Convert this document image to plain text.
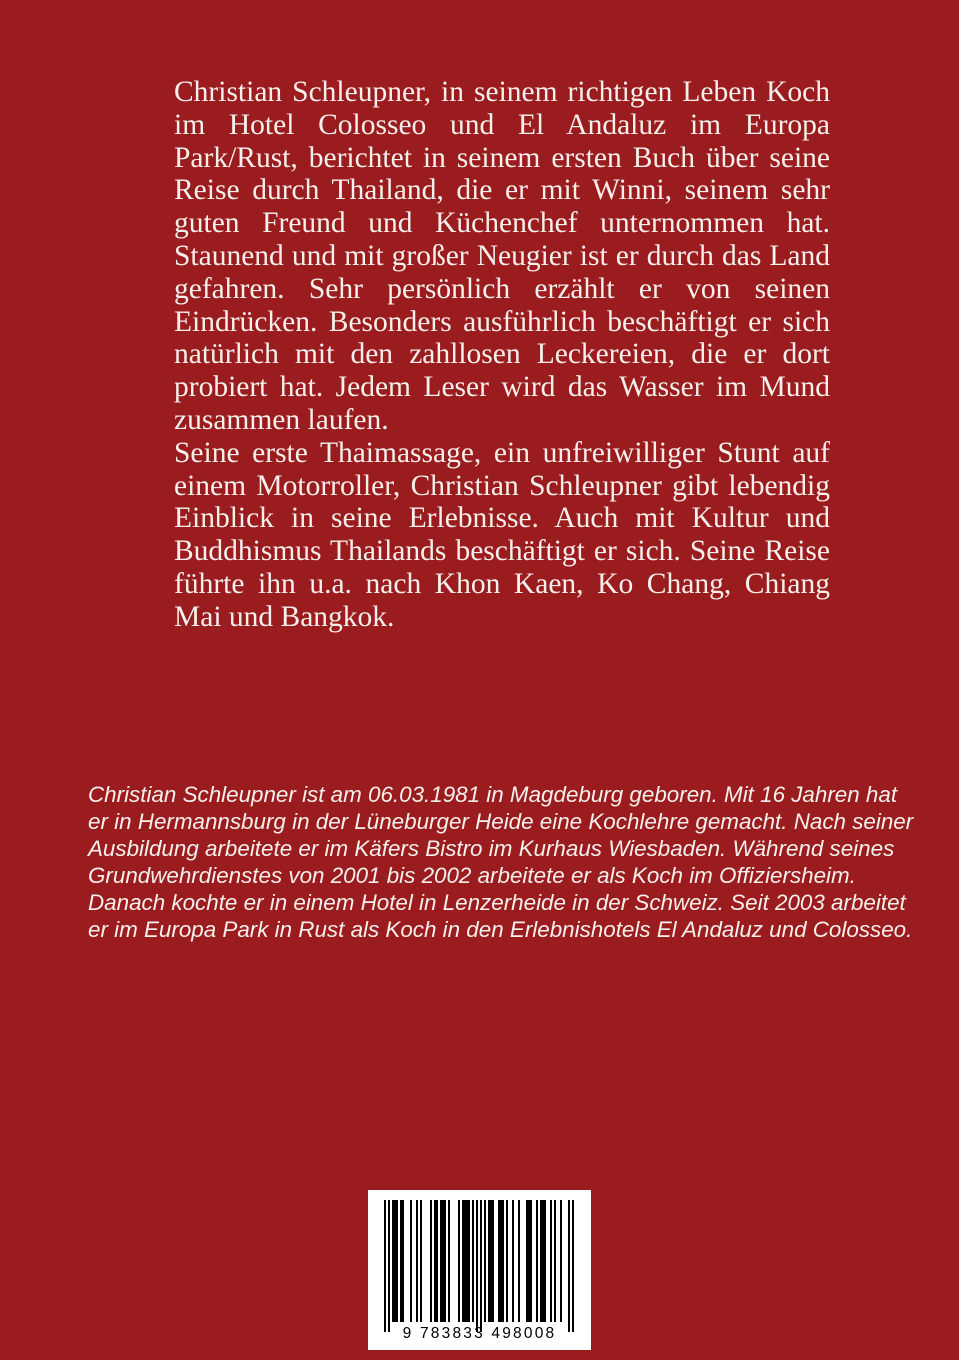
Christian Schleupner, in seinem richtigen Leben Koch im Hotel Colosseo und El Andaluz im Europa Park/Rust, berichtet in seinem ersten Buch über seine Reise durch Thailand, die er mit Winni, seinem sehr guten Freund und Küchenchef unternommen hat. Staunend und mit großer Neugier ist er durch das Land gefahren. Sehr persönlich erzählt er von seinen Eindrücken. Besonders ausführlich beschäftigt er sich natürlich mit den zahllosen Leckereien, die er dort probiert hat. Jedem Leser wird das Wasser im Mund zusammen laufen.

Seine erste Thaimassage, ein unfreiwilliger Stunt auf einem Motorroller, Christian Schleupner gibt lebendig Einblick in seine Erlebnisse. Auch mit Kultur und Buddhismus Thailands beschäftigt er sich. Seine Reise führte ihn u.a. nach Khon Kaen, Ko Chang, Chiang Mai und Bangkok.

Christian Schleupner ist am 06.03.1981 in Magdeburg geboren. Mit 16 Jahren hat er in Hermannsburg in der Lüneburger Heide eine Kochlehre gemacht. Nach seiner Ausbildung arbeitete er im Käfers Bistro im Kurhaus Wiesbaden. Während seines Grundwehrdienstes von 2001 bis 2002 arbeitete er als Koch im Offiziersheim. Danach kochte er in einem Hotel in Lenzerheide in der Schweiz. Seit 2003 arbeitet er im Europa Park in Rust als Koch in den Erlebnishotels El Andaluz und Colosseo.

9 783833 498008
